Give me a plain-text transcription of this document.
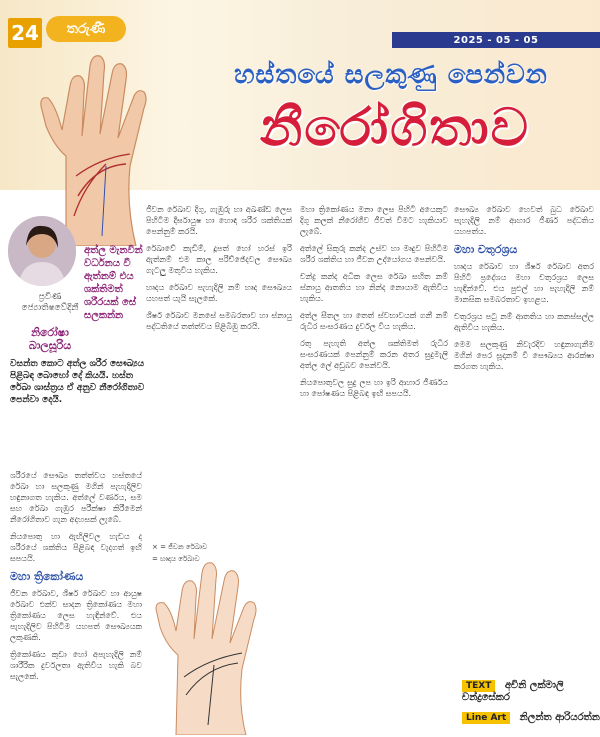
24	තරුණී
2025 - 05 - 05
හස්තයේ සලකුණු පෙන්වන
නීරෝගිතාව
ප්‍රවීණ ජ්‍යොතිෂවේදිනී
නිරෝෂා බාලසූරිය
අත්ල මැනවින් වර්ධනය වී ඇත්නම් එය ශක්තිමත් ශරීරයක් සේ සලකන්න
වසන්ත කොට අත්ල ශරීර සෞඛ්‍යය පිළිබඳ බොහෝ දේ කියයි. හස්ත රේඛා ශාස්ත්‍රය ඒ අනුව නීරෝගිතාව පෙන්වා දෙයි.

ශරීරයේ සෞඛ්‍ය තත්ත්වය හස්තයේ රේඛා හා සලකුණු මගින් පැහැදිලිව හඳුනාගත හැකිය. අත්ලේ වර්ණය, සම සහ රේඛා ගැඹුර පරීක්ෂා කිරීමෙන් නීරෝගිතාව ගැන අදහසක් ලැබේ.

නියපොතු හා ඇඟිලිවල හැඩය ද ශරීරයේ ශක්තිය පිළිබඳ වැදගත් ඉඟි සපයයි.

මහා ත්‍රිකෝණය

ජීවන රේඛාව, ශීර්ෂ රේඛාව හා ආයුෂ රේඛාව එක්ව සාදන ත්‍රිකෝණය මහා ත්‍රිකෝණය ලෙස හැඳින්වේ. එය පැහැදිලිව පිහිටීම යහපත් සෞඛ්‍යයක ලකුණකි.

ත්‍රිකෝණය කුඩා හෝ අපැහැදිලි නම් ශාරීරික දුර්වලතා ඇතිවිය හැකි බව සැලකේ.

ජීවන රේඛාව දිගු, ගැඹුරු හා අඛණ්ඩ ලෙස පිහිටීම දීර්ඝායුෂ හා හොඳ ශරීර ශක්තියක් පෙන්නුම් කරයි.

රේඛාවේ කැඩීම්, දූපත් හෝ හරස් ඉරි ඇත්නම් එම කාල පරිච්ඡේදවල සෞඛ්‍ය ගැටලු මතුවිය හැකිය.

හෘදය රේඛාව පැහැදිලි නම් හෘද සෞඛ්‍යය යහපත් යැයි සැලකේ.

ශීර්ෂ රේඛාව මනසේ සමබරතාව හා ස්නායු පද්ධතියේ තත්ත්වය පිළිබිඹු කරයි.

× = ජීවන රේඛාව
= හෘදය රේඛාව

මහා ත්‍රිකෝණය මනා ලෙස පිහිටි අයෙකුට දිගු කලක් නීරෝගීව ජීවත් වීමට හැකියාව ලැබේ.

අත්ලේ සිකුරු කන්ද උස්ව හා මෘදුව පිහිටීම ශරීර ශක්තිය හා ජීවන උද්යෝගය පෙන්වයි.

චන්ද්‍ර කන්ද අධික ලෙස රේඛා සහිත නම් ස්නායු ආතතිය හා නින්ද නොයාම ඇතිවිය හැකිය.

අත්ල සීතල හා තෙත් ස්වභාවයක් ගනී නම් රුධිර සංසරණය දුර්වල විය හැකිය.

රතු පැහැති අත්ල ශක්තිමත් රුධිර සංසරණයක් පෙන්නුම් කරන අතර සුදුමැලි අත්ල ලේ අඩුබව පෙන්වයි.

නියපොතුවල සුදු ලප හා ඉරි ආහාර ජීර්ණය හා පෝෂණය පිළිබඳ ඉඟි සපයයි.

සෞඛ්‍ය රේඛාව හෙවත් බුධ රේඛාව පැහැදිලි නම් ආහාර ජීර්ණ පද්ධතිය යහපත්ය.

මහා චතුරශ්‍රය

හෘදය රේඛාව හා ශීර්ෂ රේඛාව අතර පිහිටි ප්‍රදේශය මහා චතුරශ්‍රය ලෙස හැඳින්වේ. එය පුළුල් හා පැහැදිලි නම් මානසික සමබරතාව ඉහළය.

චතුරශ්‍රය පටු නම් ආතතිය හා කනස්සල්ල ඇතිවිය හැකිය.

මෙම සලකුණු නිවැරදිව හඳුනාගැනීම මගින් පෙර සූදානම් වී සෞඛ්‍යය ආරක්ෂා කරගත හැකිය.

TEXT අචිනි ලක්මාලි චන්ද්‍රසේකර
Line Art නිලන්ත ආරියරත්න
